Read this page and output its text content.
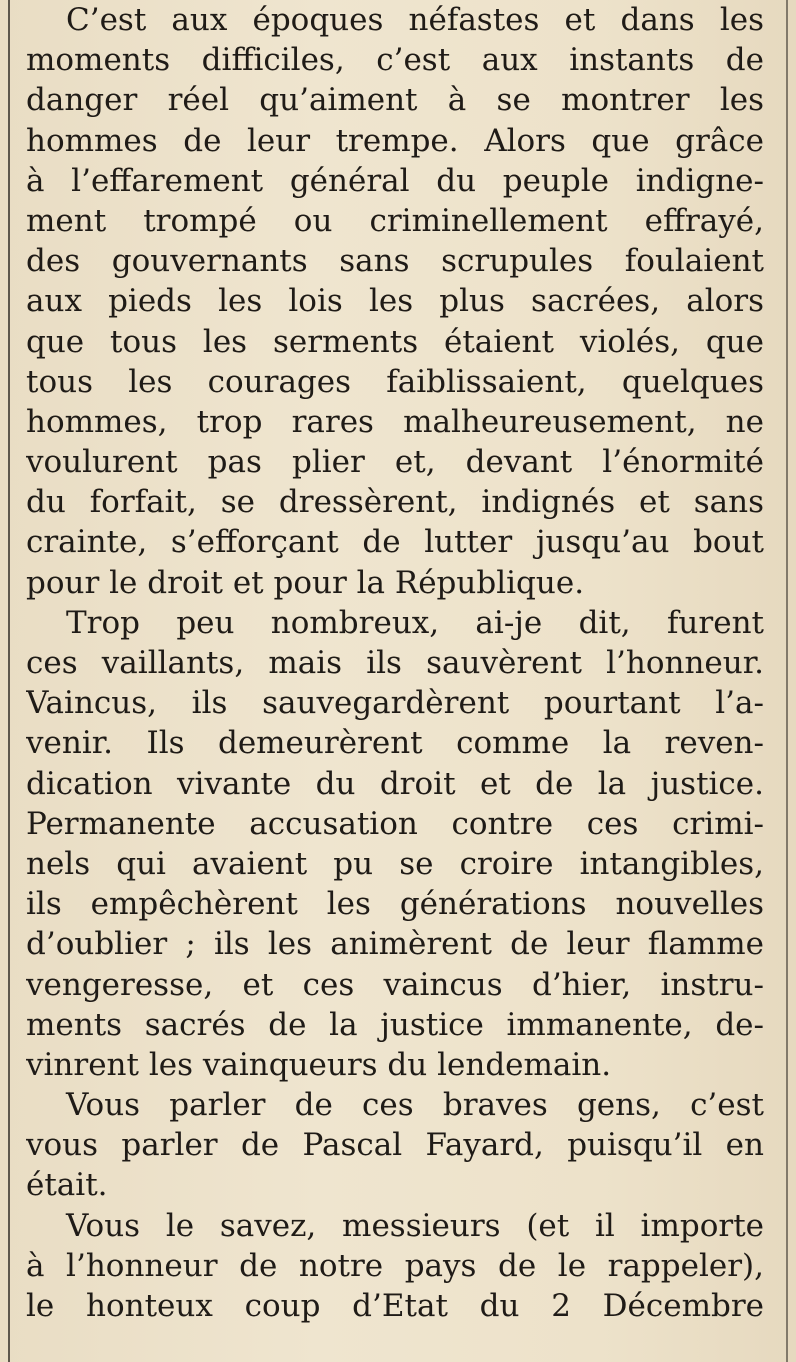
C’est aux époques néfastes et dans les
moments difficiles, c’est aux instants de
danger réel qu’aiment à se montrer les
hommes de leur trempe. Alors que grâce
à l’effarement général du peuple indigne-
ment trompé ou criminellement effrayé,
des gouvernants sans scrupules foulaient
aux pieds les lois les plus sacrées, alors
que tous les serments étaient violés, que
tous les courages faiblissaient, quelques
hommes, trop rares malheureusement, ne
voulurent pas plier et, devant l’énormité
du forfait, se dressèrent, indignés et sans
crainte, s’efforçant de lutter jusqu’au bout
pour le droit et pour la République.
Trop peu nombreux, ai-je dit, furent
ces vaillants, mais ils sauvèrent l’honneur.
Vaincus, ils sauvegardèrent pourtant l’a-
venir. Ils demeurèrent comme la reven-
dication vivante du droit et de la justice.
Permanente accusation contre ces crimi-
nels qui avaient pu se croire intangibles,
ils empêchèrent les générations nouvelles
d’oublier ; ils les animèrent de leur flamme
vengeresse, et ces vaincus d’hier, instru-
ments sacrés de la justice immanente, de-
vinrent les vainqueurs du lendemain.
Vous parler de ces braves gens, c’est
vous parler de Pascal Fayard, puisqu’il en
était.
Vous le savez, messieurs (et il importe
à l’honneur de notre pays de le rappeler),
le honteux coup d’Etat du 2 Décembre
